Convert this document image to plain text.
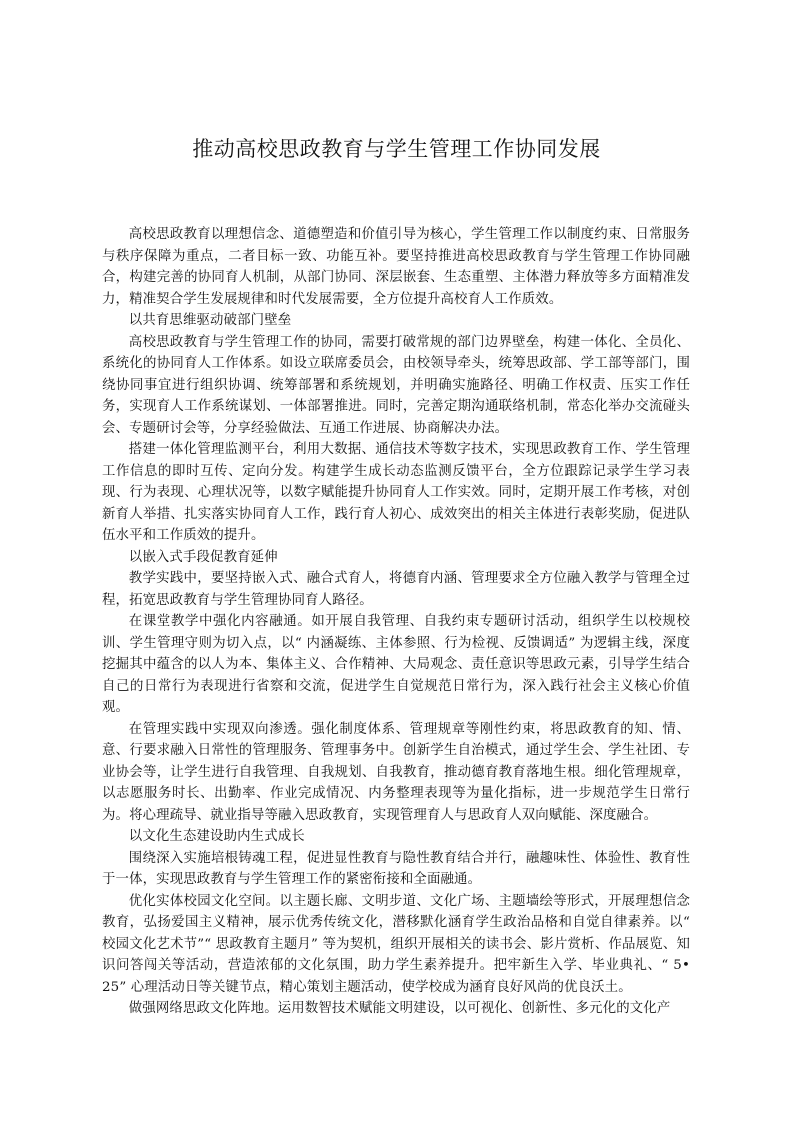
推动高校思政教育与学生管理工作协同发展

高校思政教育以理想信念、道德塑造和价值引导为核心，学生管理工作以制度约束、日常服务与秩序保障为重点，二者目标一致、功能互补。要坚持推进高校思政教育与学生管理工作协同融合，构建完善的协同育人机制，从部门协同、深层嵌套、生态重塑、主体潜力释放等多方面精准发力，精准契合学生发展规律和时代发展需要，全方位提升高校育人工作质效。

以共育思维驱动破部门壁垒

高校思政教育与学生管理工作的协同，需要打破常规的部门边界壁垒，构建一体化、全员化、系统化的协同育人工作体系。如设立联席委员会，由校领导牵头，统筹思政部、学工部等部门，围绕协同事宜进行组织协调、统筹部署和系统规划，并明确实施路径、明确工作权责、压实工作任务，实现育人工作系统谋划、一体部署推进。同时，完善定期沟通联络机制，常态化举办交流碰头会、专题研讨会等，分享经验做法、互通工作进展、协商解决办法。

搭建一体化管理监测平台，利用大数据、通信技术等数字技术，实现思政教育工作、学生管理工作信息的即时互传、定向分发。构建学生成长动态监测反馈平台，全方位跟踪记录学生学习表现、行为表现、心理状况等，以数字赋能提升协同育人工作实效。同时，定期开展工作考核，对创新育人举措、扎实落实协同育人工作，践行育人初心、成效突出的相关主体进行表彰奖励，促进队伍水平和工作质效的提升。

以嵌入式手段促教育延伸

教学实践中，要坚持嵌入式、融合式育人，将德育内涵、管理要求全方位融入教学与管理全过程，拓宽思政教育与学生管理协同育人路径。

在课堂教学中强化内容融通。如开展自我管理、自我约束专题研讨活动，组织学生以校规校训、学生管理守则为切入点，以“ 内涵凝练、主体参照、行为检视、反馈调适” 为逻辑主线，深度挖掘其中蕴含的以人为本、集体主义、合作精神、大局观念、责任意识等思政元素，引导学生结合自己的日常行为表现进行省察和交流，促进学生自觉规范日常行为，深入践行社会主义核心价值观。

在管理实践中实现双向渗透。强化制度体系、管理规章等刚性约束，将思政教育的知、情、意、行要求融入日常性的管理服务、管理事务中。创新学生自治模式，通过学生会、学生社团、专业协会等，让学生进行自我管理、自我规划、自我教育，推动德育教育落地生根。细化管理规章，以志愿服务时长、出勤率、作业完成情况、内务整理表现等为量化指标，进一步规范学生日常行为。将心理疏导、就业指导等融入思政教育，实现管理育人与思政育人双向赋能、深度融合。

以文化生态建设助内生式成长

围绕深入实施培根铸魂工程，促进显性教育与隐性教育结合并行，融趣味性、体验性、教育性于一体，实现思政教育与学生管理工作的紧密衔接和全面融通。

优化实体校园文化空间。以主题长廊、文明步道、文化广场、主题墙绘等形式，开展理想信念教育，弘扬爱国主义精神，展示优秀传统文化，潜移默化涵育学生政治品格和自觉自律素养。以“ 校园文化艺术节”“ 思政教育主题月” 等为契机，组织开展相关的读书会、影片赏析、作品展览、知识问答闯关等活动，营造浓郁的文化氛围，助力学生素养提升。把牢新生入学、毕业典礼、“ 5• 25” 心理活动日等关键节点，精心策划主题活动，使学校成为涵育良好风尚的优良沃土。

做强网络思政文化阵地。运用数智技术赋能文明建设，以可视化、创新性、多元化的文化产
